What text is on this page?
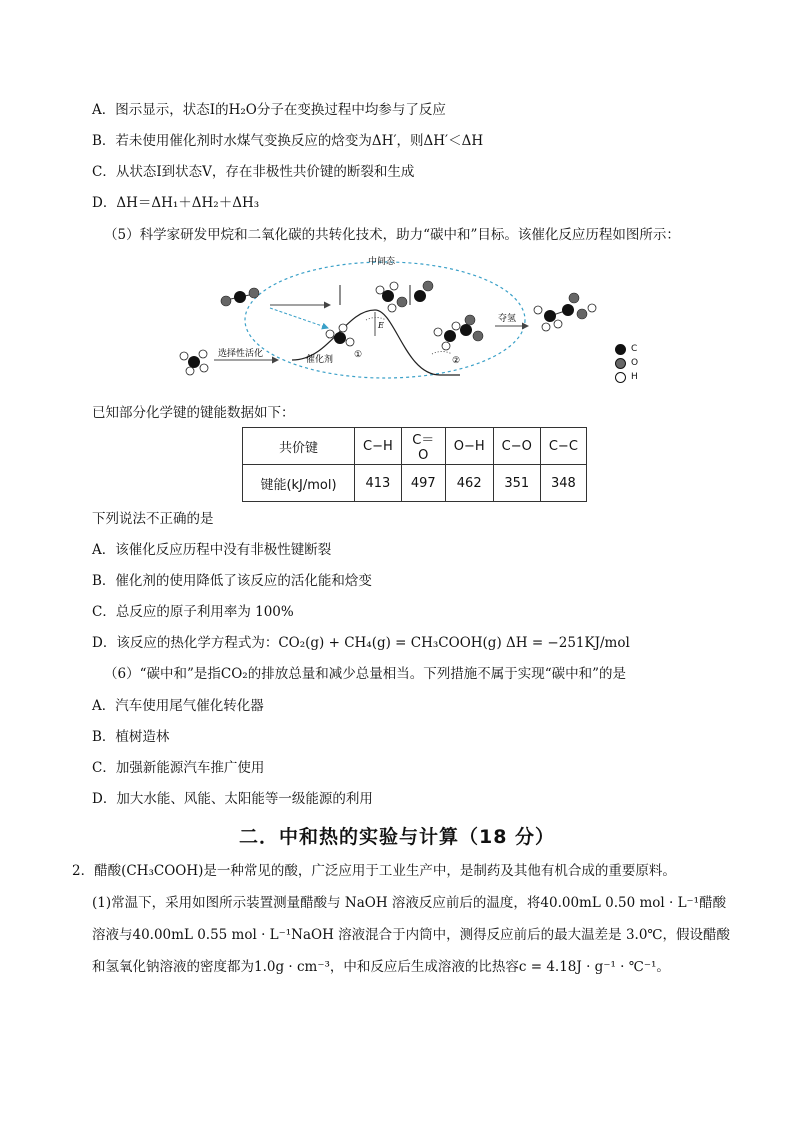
A．图示显示，状态Ⅰ的H₂O分子在变换过程中均参与了反应
B．若未使用催化剂时水煤气变换反应的焓变为ΔH′，则ΔH′＜ΔH
C．从状态Ⅰ到状态Ⅴ，存在非极性共价键的断裂和生成
D．ΔH＝ΔH₁＋ΔH₂＋ΔH₃
（5）科学家研发甲烷和二氧化碳的共转化技术，助力“碳中和”目标。该催化反应历程如图所示：
中间态
选择性活化
E
催化剂 ①
②
夺氢
C
O
H
已知部分化学键的键能数据如下：
共价键	C−H	C＝O	O−H	C−O	C−C
键能(kJ/mol)	413	497	462	351	348
下列说法不正确的是
A．该催化反应历程中没有非极性键断裂
B．催化剂的使用降低了该反应的活化能和焓变
C．总反应的原子利用率为 100%
D．该反应的热化学方程式为：CO₂(g) + CH₄(g) = CH₃COOH(g) ΔH = −251KJ/mol
（6）“碳中和”是指CO₂的排放总量和减少总量相当。下列措施不属于实现“碳中和”的是
A．汽车使用尾气催化转化器
B．植树造林
C．加强新能源汽车推广使用
D．加大水能、风能、太阳能等一级能源的利用
二．中和热的实验与计算（18 分）
2．醋酸(CH₃COOH)是一种常见的酸，广泛应用于工业生产中，是制药及其他有机合成的重要原料。
(1)常温下，采用如图所示装置测量醋酸与 NaOH 溶液反应前后的温度，将40.00mL 0.50 mol · L⁻¹醋酸
溶液与40.00mL 0.55 mol · L⁻¹NaOH 溶液混合于内筒中，测得反应前后的最大温差是 3.0℃，假设醋酸
和氢氧化钠溶液的密度都为1.0g · cm⁻³，中和反应后生成溶液的比热容c = 4.18J · g⁻¹ · ℃⁻¹。
